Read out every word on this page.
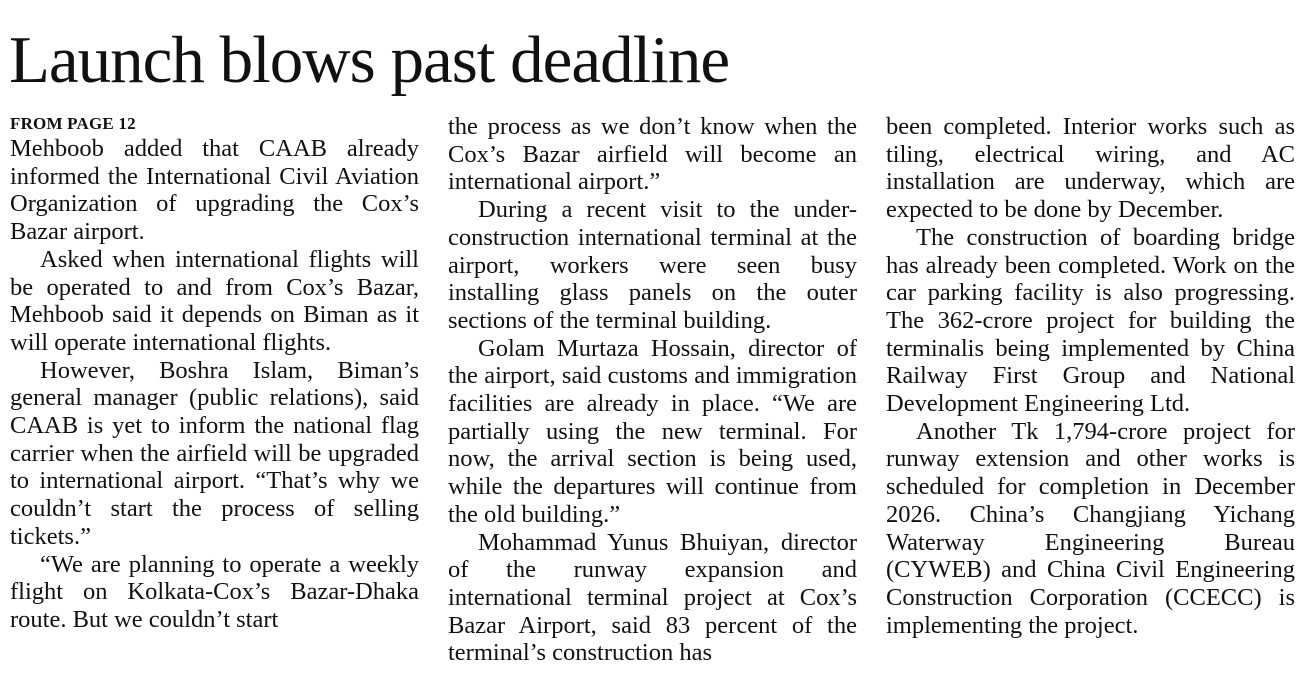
Launch blows past deadline
FROM PAGE 12

Mehboob added that CAAB already informed the International Civil Aviation Organization of upgrading the Cox’s Bazar airport.

Asked when international flights will be operated to and from Cox’s Bazar, Mehboob said it depends on Biman as it will operate international flights.

However, Boshra Islam, Biman’s general manager (public relations), said CAAB is yet to inform the national flag carrier when the airfield will be upgraded to international airport. “That’s why we couldn’t start the process of selling tickets.”

“We are planning to operate a weekly flight on Kolkata-Cox’s Bazar-Dhaka route. But we couldn’t start

the process as we don’t know when the Cox’s Bazar airfield will become an international airport.”

During a recent visit to the under-construction international terminal at the airport, workers were seen busy installing glass panels on the outer sections of the terminal building.

Golam Murtaza Hossain, director of the airport, said customs and immigration facilities are already in place. “We are partially using the new terminal. For now, the arrival section is being used, while the departures will continue from the old building.”

Mohammad Yunus Bhuiyan, director of the runway expansion and international terminal project at Cox’s Bazar Airport, said 83 percent of the terminal’s construction has

been completed. Interior works such as tiling, electrical wiring, and AC installation are underway, which are expected to be done by December.

The construction of boarding bridge has already been completed. Work on the car parking facility is also progressing. The 362-crore project for building the terminalis being implemented by China Railway First Group and National Development Engineering Ltd.

Another Tk 1,794-crore project for runway extension and other works is scheduled for completion in December 2026. China’s Changjiang Yichang Waterway Engineering Bureau (CYWEB) and China Civil Engineering Construction Corporation (CCECC) is implementing the project.
